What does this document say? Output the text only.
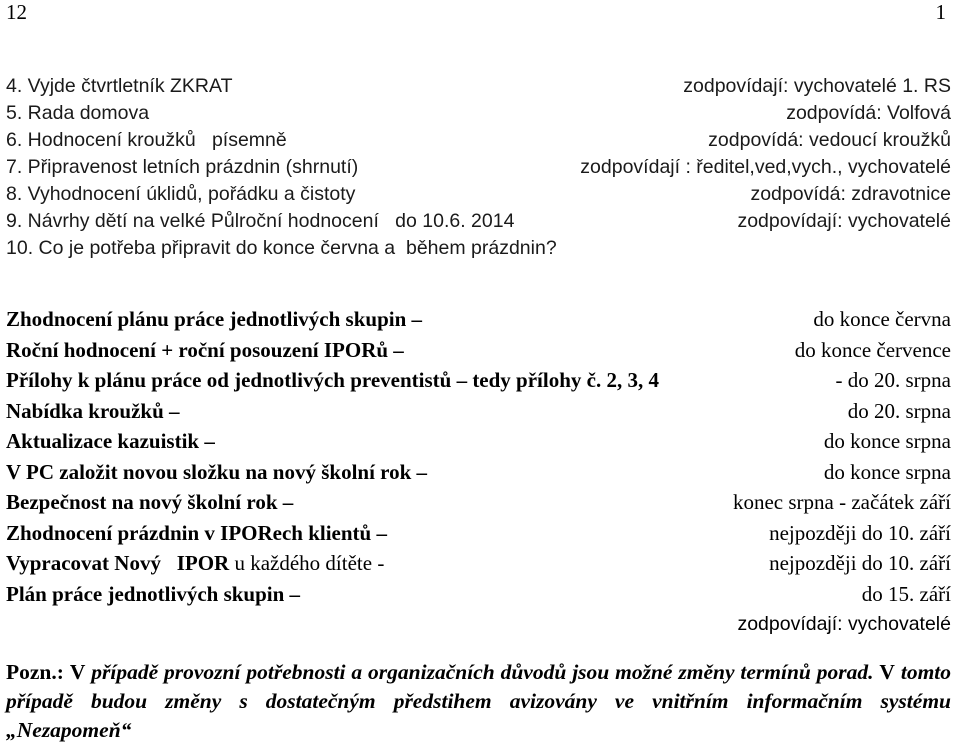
12	1
4. Vyjde čtvrtletník ZKRAT	zodpovídají: vychovatelé 1. RS
5. Rada domova	zodpovídá: Volfová
6. Hodnocení kroužků   písemně	zodpovídá: vedoucí kroužků
7. Připravenost letních prázdnin (shrnutí)	zodpovídají : ředitel,ved,vych., vychovatelé
8. Vyhodnocení úklidů, pořádku a čistoty	zodpovídá: zdravotnice
9. Návrhy dětí na velké Půlroční hodnocení   do 10.6. 2014	zodpovídají: vychovatelé
10. Co je potřeba připravit do konce června a  během prázdnin?
Zhodnocení plánu práce jednotlivých skupin –	do konce června
Roční hodnocení + roční posouzení IPORů –	do konce července
Přílohy k plánu práce od jednotlivých preventistů – tedy přílohy č. 2, 3, 4	- do 20. srpna
Nabídka kroužků –	do 20. srpna
Aktualizace kazuistik –	do konce srpna
V PC založit novou složku na nový školní rok –	do konce srpna
Bezpečnost na nový školní rok –	konec srpna - začátek září
Zhodnocení prázdnin v IPORech klientů –	nejpozději do 10. září
Vypracovat Nový   IPOR u každého dítěte -	nejpozději do 10. září
Plán práce jednotlivých skupin –	do 15. září
zodpovídají: vychovatelé
Pozn.: V případě provozní potřebnosti a organizačních důvodů jsou možné změny termínů porad. V tomto případě budou změny s dostatečným předstihem avizovány ve vnitřním informačním systému „Nezapomeň“
